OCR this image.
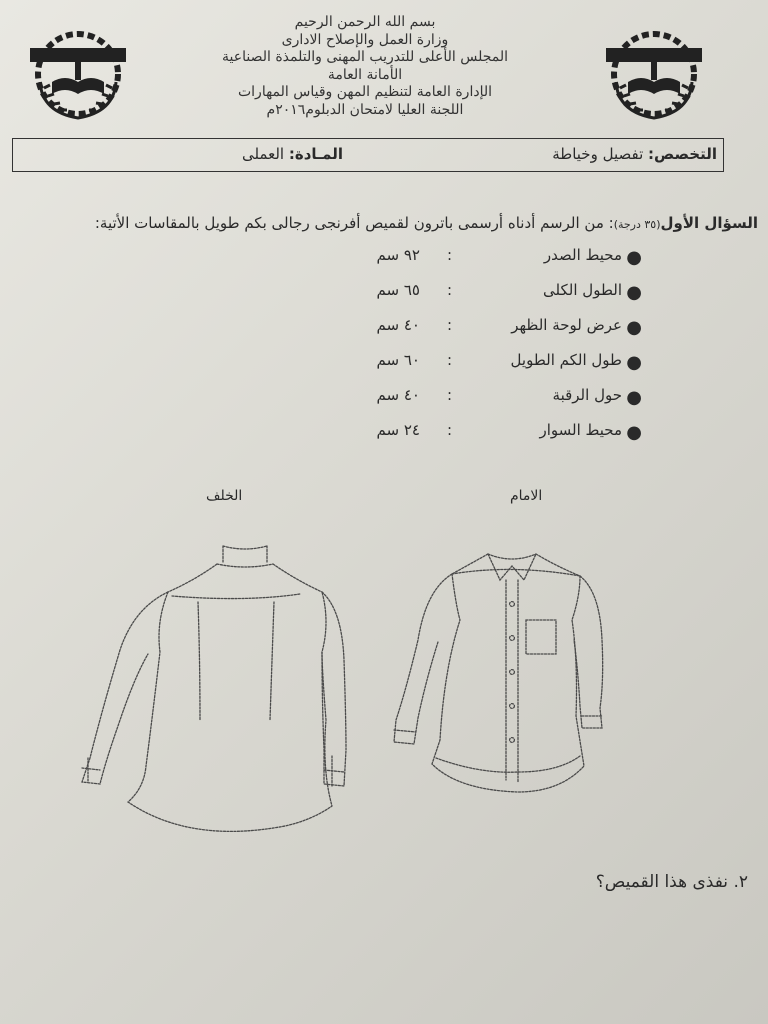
بسم الله الرحمن الرحيم
وزارة العمل والإصلاح الادارى
المجلس الأعلى للتدريب المهنى والتلمذة الصناعية
الأمانة العامة
الإدارة العامة لتنظيم المهن وقياس المهارات
اللجنة العليا لامتحان الدبلوم٢٠١٦م
التخصص: تفصيل وخياطة
المـادة: العملى
السؤال الأول(٣٥ درجة): من الرسم أدناه أرسمى باترون لقميص أفرنجى رجالى بكم طويل بالمقاسات الأتية:
●
محيط الصدر
:
٩٢ سم
●
الطول الكلى
:
٦٥ سم
●
عرض لوحة الظهر
:
٤٠ سم
●
طول الكم الطويل
:
٦٠ سم
●
حول الرقبة
:
٤٠ سم
●
محيط السوار
:
٢٤ سم
الخلف	الامام
٢. نفذى هذا القميص؟
